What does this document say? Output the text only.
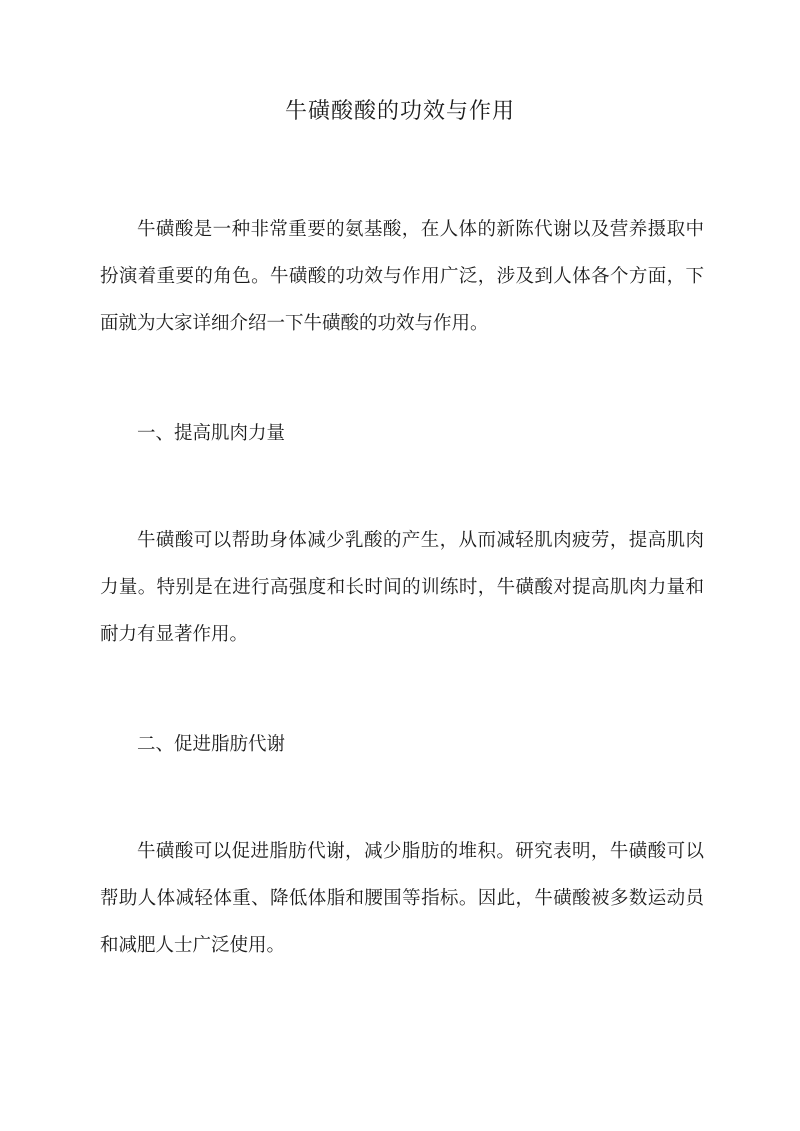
牛磺酸酸的功效与作用

牛磺酸是一种非常重要的氨基酸，在人体的新陈代谢以及营养摄取中扮演着重要的角色。牛磺酸的功效与作用广泛，涉及到人体各个方面，下面就为大家详细介绍一下牛磺酸的功效与作用。

一、提高肌肉力量

牛磺酸可以帮助身体减少乳酸的产生，从而减轻肌肉疲劳，提高肌肉力量。特别是在进行高强度和长时间的训练时，牛磺酸对提高肌肉力量和耐力有显著作用。

二、促进脂肪代谢

牛磺酸可以促进脂肪代谢，减少脂肪的堆积。研究表明，牛磺酸可以帮助人体减轻体重、降低体脂和腰围等指标。因此，牛磺酸被多数运动员和减肥人士广泛使用。
